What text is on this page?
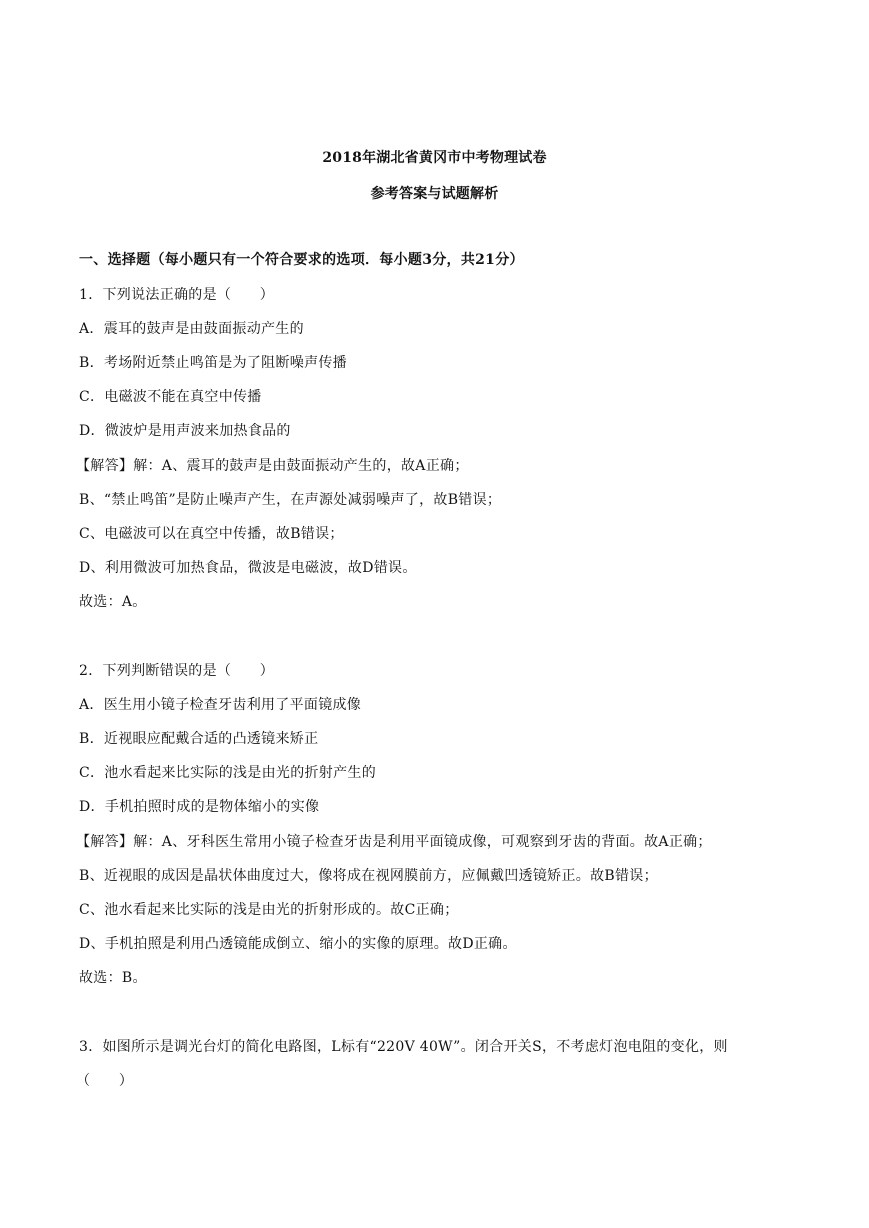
2018年湖北省黄冈市中考物理试卷
参考答案与试题解析
一、选择题（每小题只有一个符合要求的选项．每小题3分，共21分）
1．下列说法正确的是（　　）
A．震耳的鼓声是由鼓面振动产生的
B．考场附近禁止鸣笛是为了阻断噪声传播
C．电磁波不能在真空中传播
D．微波炉是用声波来加热食品的
【解答】解：A、震耳的鼓声是由鼓面振动产生的，故A正确；
B、“禁止鸣笛”是防止噪声产生，在声源处减弱噪声了，故B错误；
C、电磁波可以在真空中传播，故B错误；
D、利用微波可加热食品，微波是电磁波，故D错误。
故选：A。
2．下列判断错误的是（　　）
A．医生用小镜子检查牙齿利用了平面镜成像
B．近视眼应配戴合适的凸透镜来矫正
C．池水看起来比实际的浅是由光的折射产生的
D．手机拍照时成的是物体缩小的实像
【解答】解：A、牙科医生常用小镜子检查牙齿是利用平面镜成像，可观察到牙齿的背面。故A正确；
B、近视眼的成因是晶状体曲度过大，像将成在视网膜前方，应佩戴凹透镜矫正。故B错误；
C、池水看起来比实际的浅是由光的折射形成的。故C正确；
D、手机拍照是利用凸透镜能成倒立、缩小的实像的原理。故D正确。
故选：B。
3．如图所示是调光台灯的简化电路图，L标有“220V 40W”。闭合开关S，不考虑灯泡电阻的变化，则
（　　）
